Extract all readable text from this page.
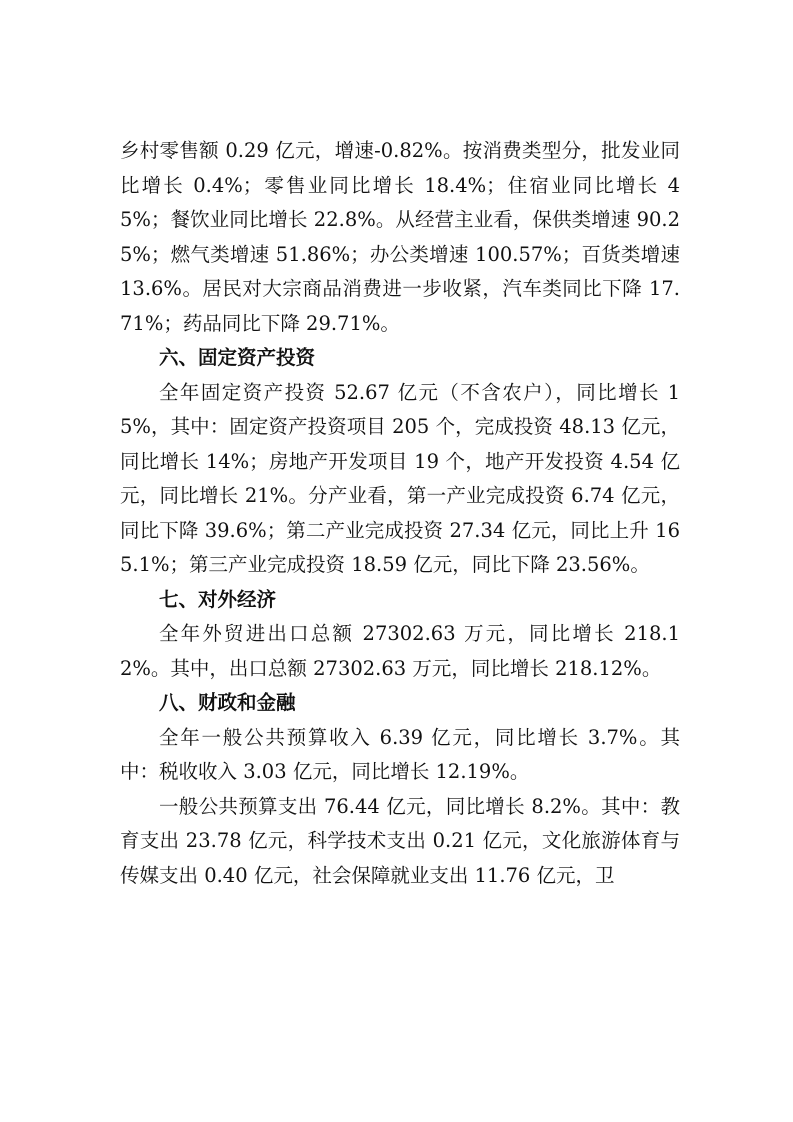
乡村零售额 0.29 亿元，增速-0.82%。按消费类型分，批发业同比增长 0.4%；零售业同比增长 18.4%；住宿业同比增长 45%；餐饮业同比增长 22.8%。从经营主业看，保供类增速 90.25%；燃气类增速 51.86%；办公类增速 100.57%；百货类增速 13.6%。居民对大宗商品消费进一步收紧，汽车类同比下降 17.71%；药品同比下降 29.71%。

六、固定资产投资

全年固定资产投资 52.67 亿元（不含农户），同比增长 15%，其中：固定资产投资项目 205 个，完成投资 48.13 亿元，同比增长 14%；房地产开发项目 19 个，地产开发投资 4.54 亿元，同比增长 21%。分产业看，第一产业完成投资 6.74 亿元，同比下降 39.6%；第二产业完成投资 27.34 亿元，同比上升 165.1%；第三产业完成投资 18.59 亿元，同比下降 23.56%。

七、对外经济

全年外贸进出口总额 27302.63 万元，同比增长 218.12%。其中，出口总额 27302.63 万元，同比增长 218.12%。

八、财政和金融

全年一般公共预算收入 6.39 亿元，同比增长 3.7%。其中：税收收入 3.03 亿元，同比增长 12.19%。

一般公共预算支出 76.44 亿元，同比增长 8.2%。其中：教育支出 23.78 亿元，科学技术支出 0.21 亿元，文化旅游体育与传媒支出 0.40 亿元，社会保障就业支出 11.76 亿元，卫
